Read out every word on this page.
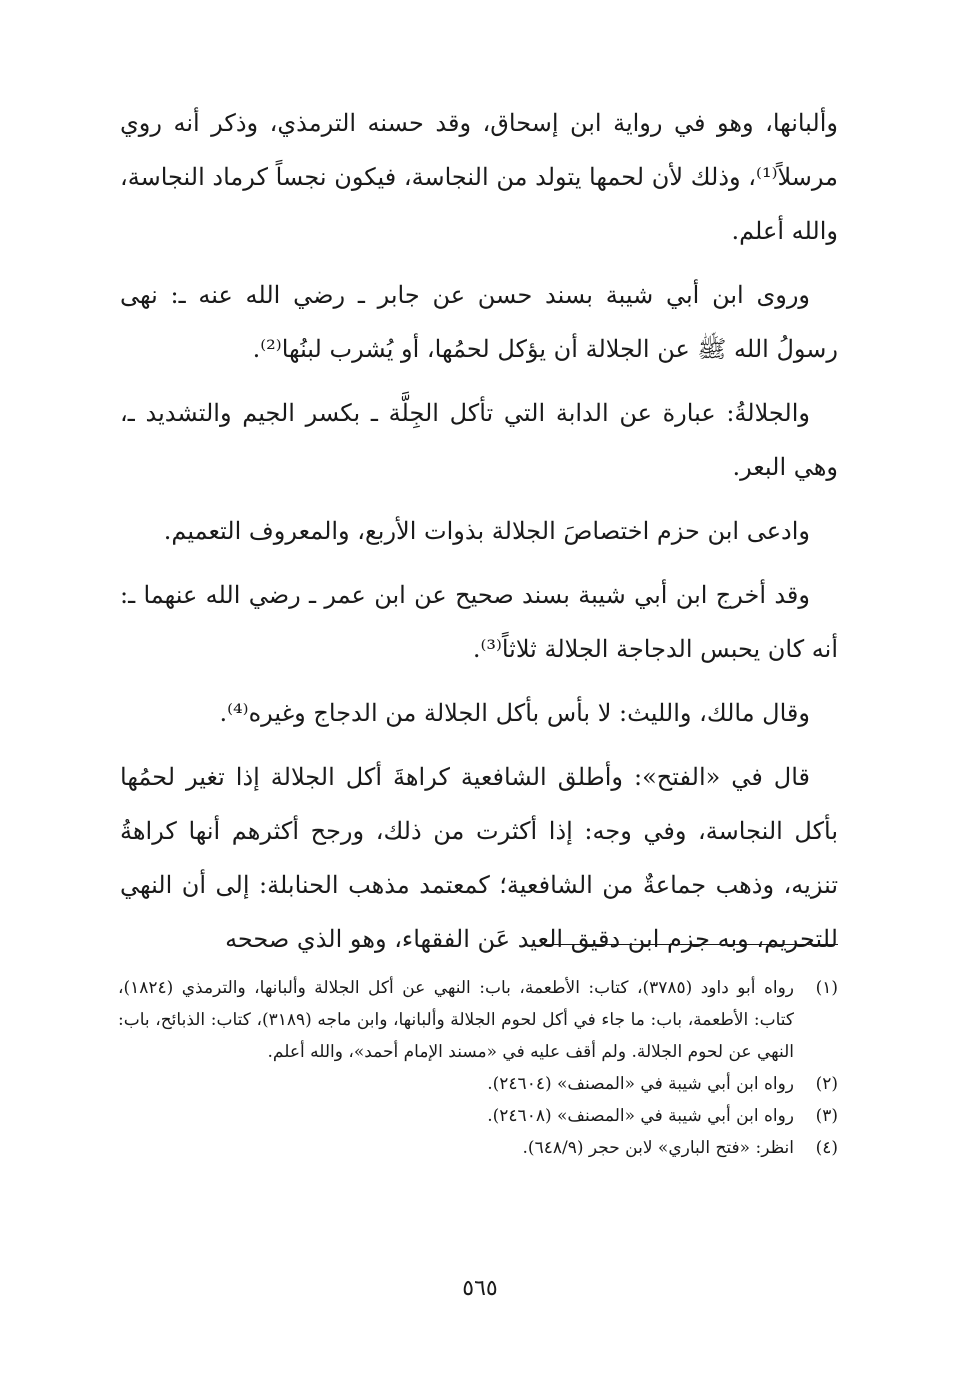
وألبانها، وهو في رواية ابن إسحاق، وقد حسنه الترمذي، وذكر أنه روي مرسلاً⁽¹⁾، وذلك لأن لحمها يتولد من النجاسة، فيكون نجساً كرماد النجاسة، والله أعلم.

وروى ابن أبي شيبة بسند حسن عن جابر ـ رضي الله عنه ـ: نهى رسولُ الله ﷺ عن الجلالة أن يؤكل لحمُها، أو يُشرب لبنُها⁽²⁾.

والجلالةُ: عبارة عن الدابة التي تأكل الجِلَّة ـ بكسر الجيم والتشديد ـ، وهي البعر.

وادعى ابن حزم اختصاصَ الجلالة بذوات الأربع، والمعروف التعميم.

وقد أخرج ابن أبي شيبة بسند صحيح عن ابن عمر ـ رضي الله عنهما ـ: أنه كان يحبس الدجاجة الجلالة ثلاثاً⁽³⁾.

وقال مالك، والليث: لا بأس بأكل الجلالة من الدجاج وغيره⁽⁴⁾.

قال في «الفتح»: وأطلق الشافعية كراهةَ أكل الجلالة إذا تغير لحمُها بأكل النجاسة، وفي وجه: إذا أكثرت من ذلك، ورجح أكثرهم أنها كراهةُ تنزيه، وذهب جماعةٌ من الشافعية؛ كمعتمد مذهب الحنابلة: إلى أن النهي للتحريم، وبه جزم ابن دقيق العيد عَن الفقهاء، وهو الذي صححه

(١)
رواه أبو داود (٣٧٨٥)، كتاب: الأطعمة، باب: النهي عن أكل الجلالة وألبانها، والترمذي (١٨٢٤)، كتاب: الأطعمة، باب: ما جاء في أكل لحوم الجلالة وألبانها، وابن ماجه (٣١٨٩)، كتاب: الذبائح، باب: النهي عن لحوم الجلالة. ولم أقف عليه في «مسند الإمام أحمد»، والله أعلم.
(٢)
رواه ابن أبي شيبة في «المصنف» (٢٤٦٠٤).
(٣)
رواه ابن أبي شيبة في «المصنف» (٢٤٦٠٨).
(٤)
انظر: «فتح الباري» لابن حجر (٦٤٨/٩).
٥٦٥
